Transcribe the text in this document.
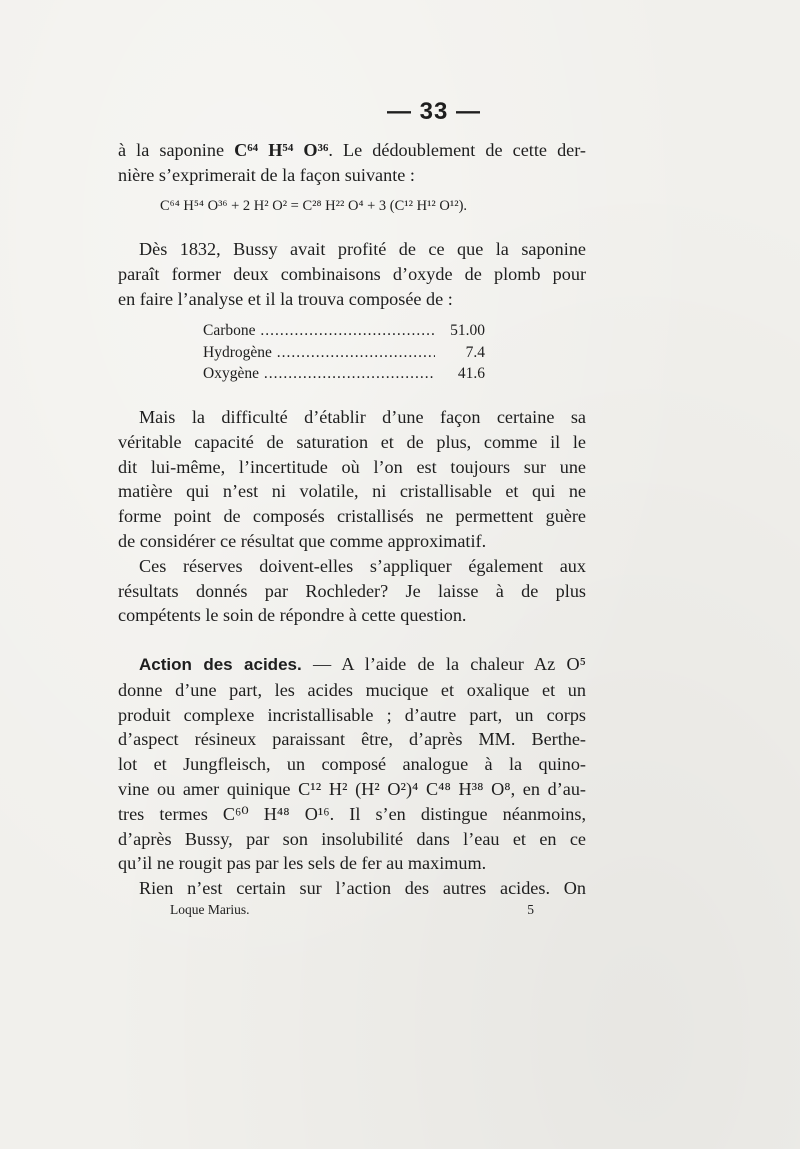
— 33 —
à la saponine C⁶⁴ H⁵⁴ O³⁶. Le dédoublement de cette der-
nière s’exprimerait de la façon suivante :
C⁶⁴ H⁵⁴ O³⁶ + 2 H² O² = C²⁸ H²² O⁴ + 3 (C¹² H¹² O¹²).
Dès 1832, Bussy avait profité de ce que la saponine
paraît former deux combinaisons d’oxyde de plomb pour
en faire l’analyse et il la trouva composée de :
Carbone .....	51.00
Hydrogène .....	7.4
Oxygène .....	41.6
Mais la difficulté d’établir d’une façon certaine sa
véritable capacité de saturation et de plus, comme il le
dit lui-même, l’incertitude où l’on est toujours sur une
matière qui n’est ni volatile, ni cristallisable et qui ne
forme point de composés cristallisés ne permettent guère
de considérer ce résultat que comme approximatif.
Ces réserves doivent-elles s’appliquer également aux
résultats donnés par Rochleder? Je laisse à de plus
compétents le soin de répondre à cette question.
Action des acides. — A l’aide de la chaleur Az O⁵
donne d’une part, les acides mucique et oxalique et un
produit complexe incristallisable ; d’autre part, un corps
d’aspect résineux paraissant être, d’après MM. Berthe-
lot et Jungfleisch, un composé analogue à la quino-
vine ou amer quinique C¹² H² (H² O²)⁴ C⁴⁸ H³⁸ O⁸, en d’au-
tres termes C⁶⁰ H⁴⁸ O¹⁶. Il s’en distingue néanmoins,
d’après Bussy, par son insolubilité dans l’eau et en ce
qu’il ne rougit pas par les sels de fer au maximum.
Rien n’est certain sur l’action des autres acides. On
Loque Marius.	5
